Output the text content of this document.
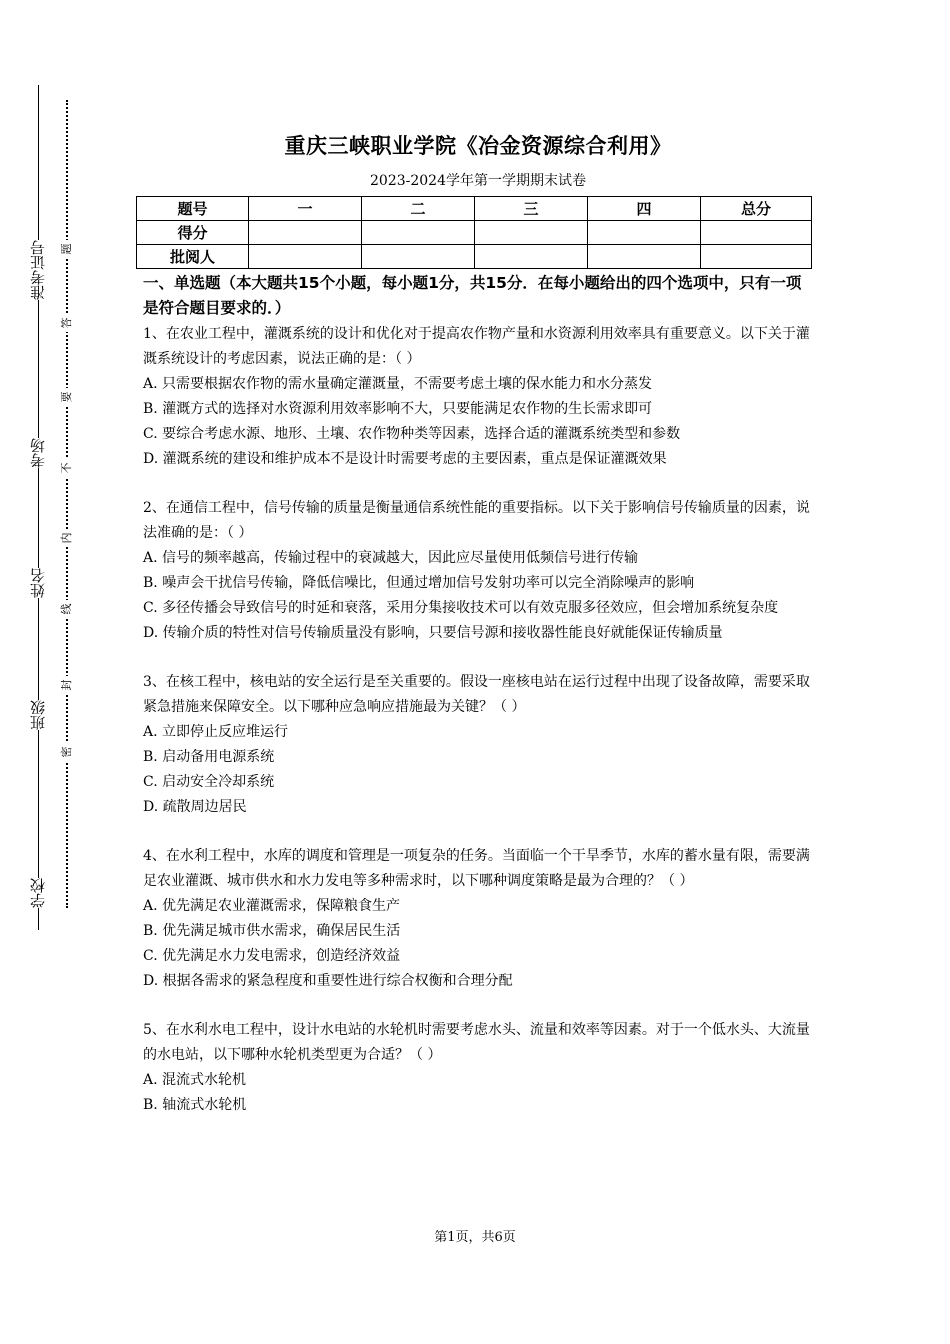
准考证号
考场
姓名
班级
学校
题
答
要
不
内
线
封
密
重庆三峡职业学院《冶金资源综合利用》
2023-2024学年第一学期期末试卷
题号	一	二	三	四	总分
得分					
批阅人					
一、单选题（本大题共15个小题，每小题1分，共15分．在每小题给出的四个选项中，只有一项是符合题目要求的．）
1、在农业工程中，灌溉系统的设计和优化对于提高农作物产量和水资源利用效率具有重要意义。以下关于灌溉系统设计的考虑因素，说法正确的是：（ ）
A. 只需要根据农作物的需水量确定灌溉量，不需要考虑土壤的保水能力和水分蒸发
B. 灌溉方式的选择对水资源利用效率影响不大，只要能满足农作物的生长需求即可
C. 要综合考虑水源、地形、土壤、农作物种类等因素，选择合适的灌溉系统类型和参数
D. 灌溉系统的建设和维护成本不是设计时需要考虑的主要因素，重点是保证灌溉效果
2、在通信工程中，信号传输的质量是衡量通信系统性能的重要指标。以下关于影响信号传输质量的因素，说法准确的是：（ ）
A. 信号的频率越高，传输过程中的衰减越大，因此应尽量使用低频信号进行传输
B. 噪声会干扰信号传输，降低信噪比，但通过增加信号发射功率可以完全消除噪声的影响
C. 多径传播会导致信号的时延和衰落，采用分集接收技术可以有效克服多径效应，但会增加系统复杂度
D. 传输介质的特性对信号传输质量没有影响，只要信号源和接收器性能良好就能保证传输质量
3、在核工程中，核电站的安全运行是至关重要的。假设一座核电站在运行过程中出现了设备故障，需要采取紧急措施来保障安全。以下哪种应急响应措施最为关键？（ ）
A. 立即停止反应堆运行
B. 启动备用电源系统
C. 启动安全冷却系统
D. 疏散周边居民
4、在水利工程中，水库的调度和管理是一项复杂的任务。当面临一个干旱季节，水库的蓄水量有限，需要满足农业灌溉、城市供水和水力发电等多种需求时，以下哪种调度策略是最为合理的？（ ）
A. 优先满足农业灌溉需求，保障粮食生产
B. 优先满足城市供水需求，确保居民生活
C. 优先满足水力发电需求，创造经济效益
D. 根据各需求的紧急程度和重要性进行综合权衡和合理分配
5、在水利水电工程中，设计水电站的水轮机时需要考虑水头、流量和效率等因素。对于一个低水头、大流量的水电站，以下哪种水轮机类型更为合适？（ ）
A. 混流式水轮机
B. 轴流式水轮机
第1页，共6页
